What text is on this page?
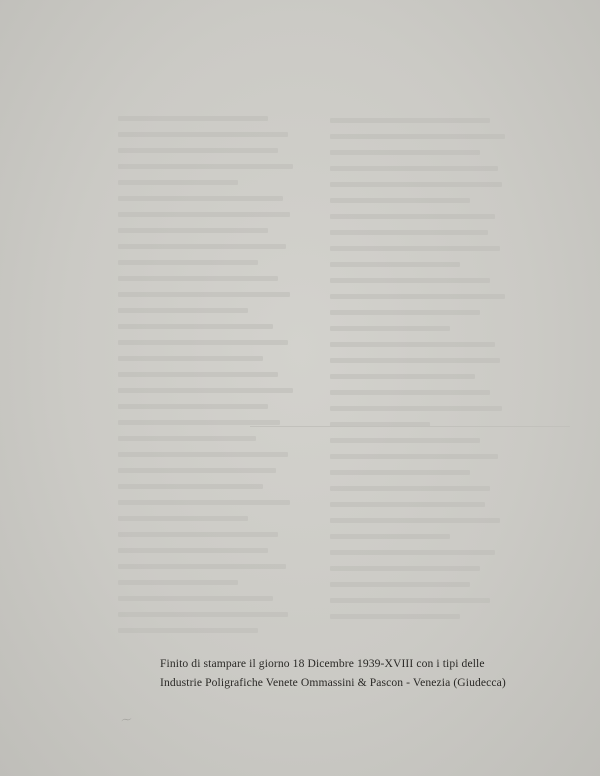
Finito di stampare il giorno 18 Dicembre 1939-XVIII con i tipi delle
Industrie Poligrafiche Venete Ommassini & Pascon - Venezia (Giudecca)
〜
